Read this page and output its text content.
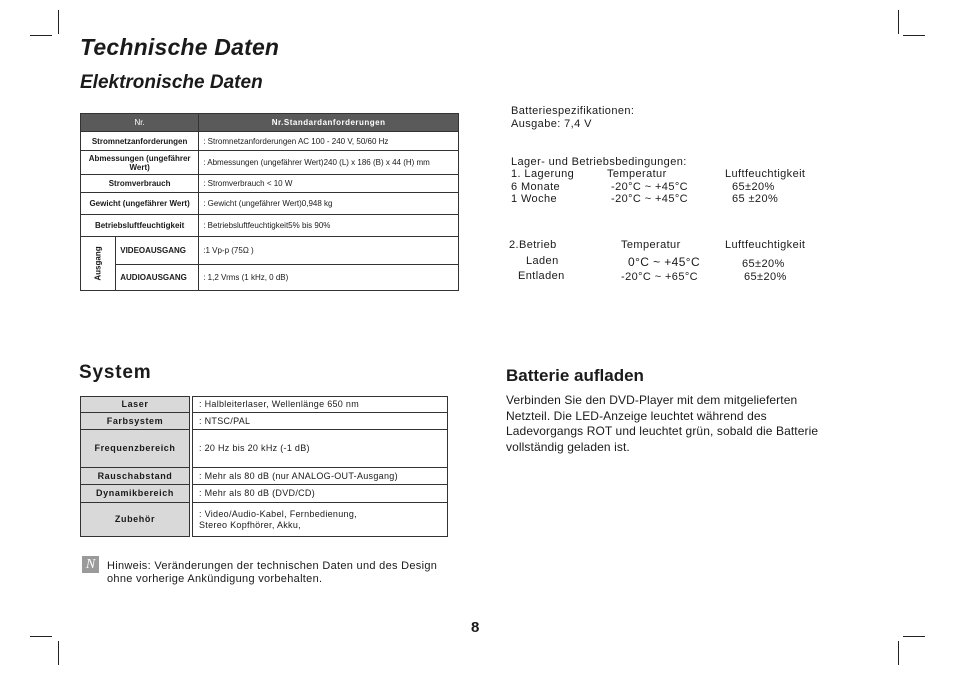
Technische Daten
Elektronische Daten
Nr.		Nr.Standardanforderungen
Stromnetzanforderungen		: Stromnetzanforderungen AC 100 - 240 V, 50/60 Hz
Abmessungen (ungefährer Wert)		: Abmessungen (ungefährer Wert)240 (L) x 186 (B) x 44 (H) mm
Stromverbrauch		: Stromverbrauch < 10 W
Gewicht (ungefährer Wert)		: Gewicht (ungefährer Wert)0,948 kg
Betriebsluftfeuchtigkeit		: Betriebsluftfeuchtigkeit5% bis 90%
Ausgang	VIDEOAUSGANG	:1 Vp-p (75Ω )
	AUDIOAUSGANG	: 1,2 Vrms (1 kHz, 0 dB)
Batteriespezifikationen:
Ausgabe: 7,4 V
Lager- und Betriebsbedingungen:
1. Lagerung	Temperatur	Luftfeuchtigkeit
6 Monate	-20°C ~ +45°C	65±20%
1 Woche	-20°C ~ +45°C	65 ±20%
2.Betrieb	Temperatur	Luftfeuchtigkeit
Laden	0°C ~ +45°C	65±20%
Entladen	-20°C ~ +65°C	65±20%
System
Laser		: Halbleiterlaser, Wellenlänge 650 nm
Farbsystem		: NTSC/PAL
Frequenzbereich		: 20 Hz bis 20 kHz (-1 dB)
Rauschabstand		: Mehr als 80 dB (nur ANALOG-OUT-Ausgang)
Dynamikbereich		: Mehr als 80 dB (DVD/CD)
Zubehör		: Video/Audio-Kabel, Fernbedienung,
Stereo Kopfhörer, Akku,
Batterie aufladen
Verbinden Sie den DVD-Player mit dem mitgelieferten Netzteil. Die LED-Anzeige leuchtet während des Ladevorgangs ROT und leuchtet grün, sobald die Batterie vollständig geladen ist.
N	Hinweis: Veränderungen der technischen Daten und des Design
ohne vorherige Ankündigung vorbehalten.
8
